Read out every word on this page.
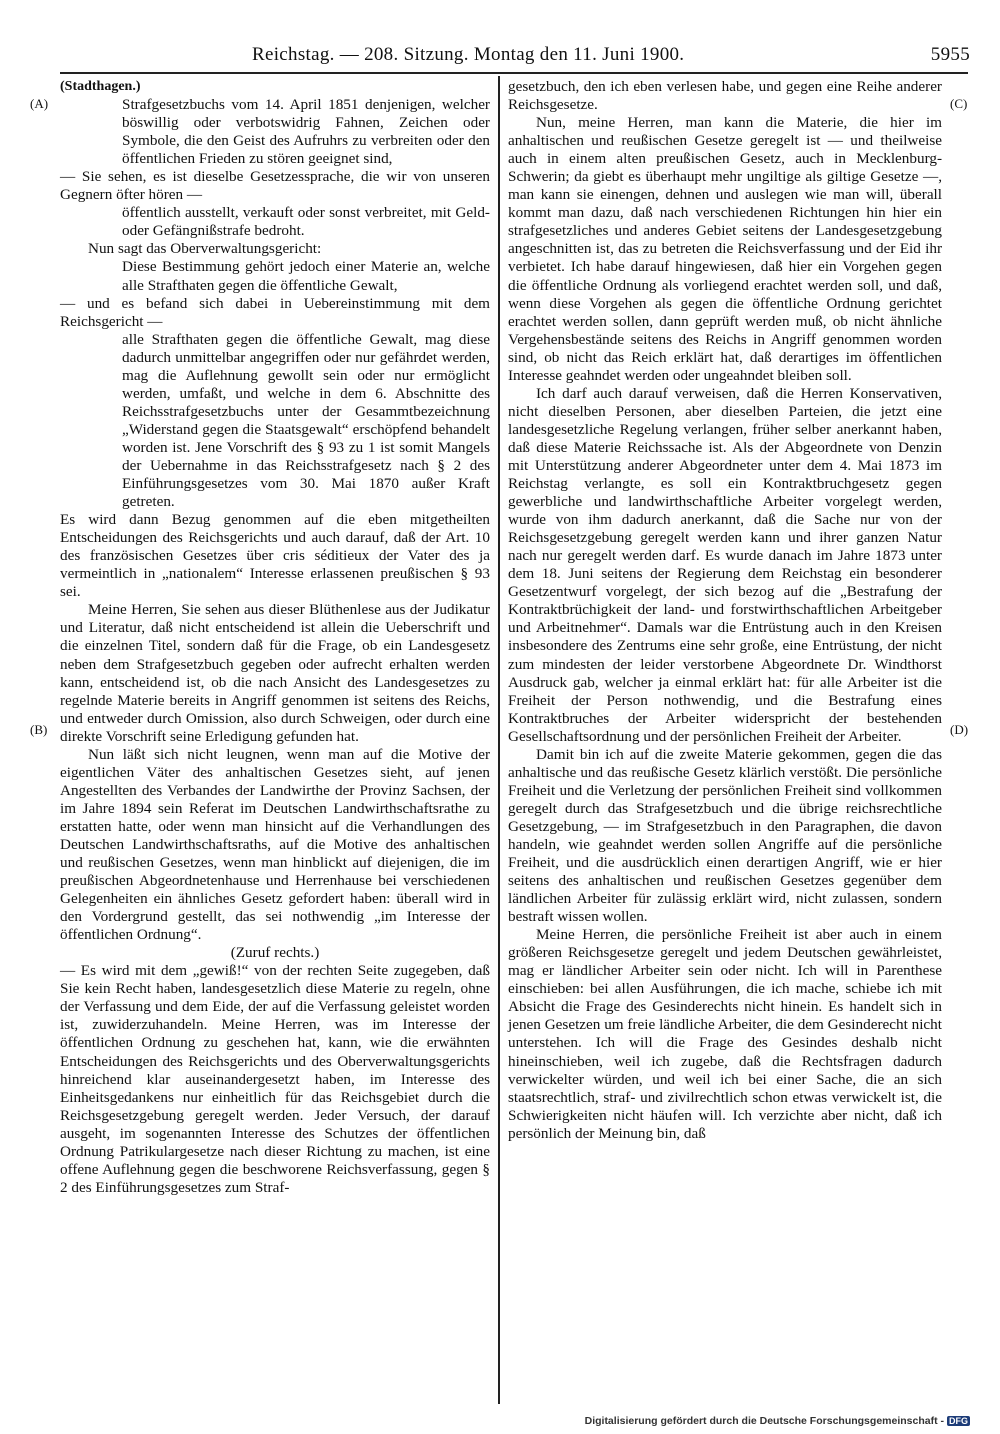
Reichstag. — 208. Sitzung. Montag den 11. Juni 1900.	5955
(A)
(B)
(C)
(D)

(Stadthagen.)

Strafgesetzbuchs vom 14. April 1851 denjenigen, welcher böswillig oder verbotswidrig Fahnen, Zeichen oder Symbole, die den Geist des Aufruhrs zu verbreiten oder den öffentlichen Frieden zu stören geeignet sind,

— Sie sehen, es ist dieselbe Gesetzessprache, die wir von unseren Gegnern öfter hören —

öffentlich ausstellt, verkauft oder sonst verbreitet, mit Geld- oder Gefängnißstrafe bedroht.

Nun sagt das Oberverwaltungsgericht:

Diese Bestimmung gehört jedoch einer Materie an, welche alle Strafthaten gegen die öffentliche Gewalt,

— und es befand sich dabei in Uebereinstimmung mit dem Reichsgericht —

alle Strafthaten gegen die öffentliche Gewalt, mag diese dadurch unmittelbar angegriffen oder nur gefährdet werden, mag die Auflehnung gewollt sein oder nur ermöglicht werden, umfaßt, und welche in dem 6. Abschnitte des Reichsstrafgesetzbuchs unter der Gesammtbezeichnung „Widerstand gegen die Staatsgewalt“ erschöpfend behandelt worden ist. Jene Vorschrift des § 93 zu 1 ist somit Mangels der Uebernahme in das Reichsstrafgesetz nach § 2 des Einführungsgesetzes vom 30. Mai 1870 außer Kraft getreten.

Es wird dann Bezug genommen auf die eben mitgetheilten Entscheidungen des Reichsgerichts und auch darauf, daß der Art. 10 des französischen Gesetzes über cris séditieux der Vater des ja vermeintlich in „nationalem“ Interesse erlassenen preußischen § 93 sei.

Meine Herren, Sie sehen aus dieser Blüthenlese aus der Judikatur und Literatur, daß nicht entscheidend ist allein die Ueberschrift und die einzelnen Titel, sondern daß für die Frage, ob ein Landesgesetz neben dem Strafgesetzbuch gegeben oder aufrecht erhalten werden kann, entscheidend ist, ob die nach Ansicht des Landesgesetzes zu regelnde Materie bereits in Angriff genommen ist seitens des Reichs, und entweder durch Omission, also durch Schweigen, oder durch eine direkte Vorschrift seine Erledigung gefunden hat.

Nun läßt sich nicht leugnen, wenn man auf die Motive der eigentlichen Väter des anhaltischen Gesetzes sieht, auf jenen Angestellten des Verbandes der Landwirthe der Provinz Sachsen, der im Jahre 1894 sein Referat im Deutschen Landwirthschaftsrathe zu erstatten hatte, oder wenn man hinsicht auf die Verhandlungen des Deutschen Landwirthschaftsraths, auf die Motive des anhaltischen und reußischen Gesetzes, wenn man hinblickt auf diejenigen, die im preußischen Abgeordnetenhause und Herrenhause bei verschiedenen Gelegenheiten ein ähnliches Gesetz gefordert haben: überall wird in den Vordergrund gestellt, das sei nothwendig „im Interesse der öffentlichen Ordnung“.

(Zuruf rechts.)

— Es wird mit dem „gewiß!“ von der rechten Seite zugegeben, daß Sie kein Recht haben, landesgesetzlich diese Materie zu regeln, ohne der Verfassung und dem Eide, der auf die Verfassung geleistet worden ist, zuwiderzuhandeln. Meine Herren, was im Interesse der öffentlichen Ordnung zu geschehen hat, kann, wie die erwähnten Entscheidungen des Reichsgerichts und des Oberverwaltungsgerichts hinreichend klar auseinandergesetzt haben, im Interesse des Einheitsgedankens nur einheitlich für das Reichsgebiet durch die Reichsgesetzgebung geregelt werden. Jeder Versuch, der darauf ausgeht, im sogenannten Interesse des Schutzes der öffentlichen Ordnung Patrikulargesetze nach dieser Richtung zu machen, ist eine offene Auflehnung gegen die beschworene Reichsverfassung, gegen § 2 des Einführungsgesetzes zum Straf-

gesetzbuch, den ich eben verlesen habe, und gegen eine Reihe anderer Reichsgesetze.

Nun, meine Herren, man kann die Materie, die hier im anhaltischen und reußischen Gesetze geregelt ist — und theilweise auch in einem alten preußischen Gesetz, auch in Mecklenburg-Schwerin; da giebt es überhaupt mehr ungiltige als giltige Gesetze —, man kann sie einengen, dehnen und auslegen wie man will, überall kommt man dazu, daß nach verschiedenen Richtungen hin hier ein strafgesetzliches und anderes Gebiet seitens der Landesgesetzgebung angeschnitten ist, das zu betreten die Reichsverfassung und der Eid ihr verbietet. Ich habe darauf hingewiesen, daß hier ein Vorgehen gegen die öffentliche Ordnung als vorliegend erachtet werden soll, und daß, wenn diese Vorgehen als gegen die öffentliche Ordnung gerichtet erachtet werden sollen, dann geprüft werden muß, ob nicht ähnliche Vergehensbestände seitens des Reichs in Angriff genommen worden sind, ob nicht das Reich erklärt hat, daß derartiges im öffentlichen Interesse geahndet werden oder ungeahndet bleiben soll.

Ich darf auch darauf verweisen, daß die Herren Konservativen, nicht dieselben Personen, aber dieselben Parteien, die jetzt eine landesgesetzliche Regelung verlangen, früher selber anerkannt haben, daß diese Materie Reichssache ist. Als der Abgeordnete von Denzin mit Unterstützung anderer Abgeordneter unter dem 4. Mai 1873 im Reichstag verlangte, es soll ein Kontraktbruchgesetz gegen gewerbliche und landwirthschaftliche Arbeiter vorgelegt werden, wurde von ihm dadurch anerkannt, daß die Sache nur von der Reichsgesetzgebung geregelt werden kann und ihrer ganzen Natur nach nur geregelt werden darf. Es wurde danach im Jahre 1873 unter dem 18. Juni seitens der Regierung dem Reichstag ein besonderer Gesetzentwurf vorgelegt, der sich bezog auf die „Bestrafung der Kontraktbrüchigkeit der land- und forstwirthschaftlichen Arbeitgeber und Arbeitnehmer“. Damals war die Entrüstung auch in den Kreisen insbesondere des Zentrums eine sehr große, eine Entrüstung, der nicht zum mindesten der leider verstorbene Abgeordnete Dr. Windthorst Ausdruck gab, welcher ja einmal erklärt hat: für alle Arbeiter ist die Freiheit der Person nothwendig, und die Bestrafung eines Kontraktbruches der Arbeiter widerspricht der bestehenden Gesellschaftsordnung und der persönlichen Freiheit der Arbeiter.

Damit bin ich auf die zweite Materie gekommen, gegen die das anhaltische und das reußische Gesetz klärlich verstößt. Die persönliche Freiheit und die Verletzung der persönlichen Freiheit sind vollkommen geregelt durch das Strafgesetzbuch und die übrige reichsrechtliche Gesetzgebung, — im Strafgesetzbuch in den Paragraphen, die davon handeln, wie geahndet werden sollen Angriffe auf die persönliche Freiheit, und die ausdrücklich einen derartigen Angriff, wie er hier seitens des anhaltischen und reußischen Gesetzes gegenüber dem ländlichen Arbeiter für zulässig erklärt wird, nicht zulassen, sondern bestraft wissen wollen.

Meine Herren, die persönliche Freiheit ist aber auch in einem größeren Reichsgesetze geregelt und jedem Deutschen gewährleistet, mag er ländlicher Arbeiter sein oder nicht. Ich will in Parenthese einschieben: bei allen Ausführungen, die ich mache, schiebe ich mit Absicht die Frage des Gesinderechts nicht hinein. Es handelt sich in jenen Gesetzen um freie ländliche Arbeiter, die dem Gesinderecht nicht unterstehen. Ich will die Frage des Gesindes deshalb nicht hineinschieben, weil ich zugebe, daß die Rechtsfragen dadurch verwickelter würden, und weil ich bei einer Sache, die an sich staatsrechtlich, straf- und zivilrechtlich schon etwas verwickelt ist, die Schwierigkeiten nicht häufen will. Ich verzichte aber nicht, daß ich persönlich der Meinung bin, daß

Digitalisierung gefördert durch die Deutsche Forschungsgemeinschaft - DFG
